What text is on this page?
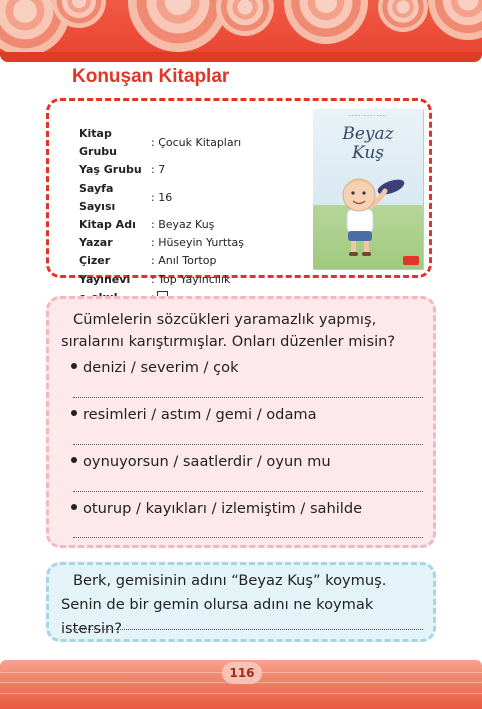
Konuşan Kitaplar
Kitap Grubu	: Çocuk Kitapları
Yaş Grubu	: 7
Sayfa Sayısı	: 16
Kitap Adı	: Beyaz Kuş
Yazar	: Hüseyin Yurttaş
Çizer	: Anıl Tortop
Yayınevi	: Top Yayıncılık

········ ······· · ·······
Beyaz
Kuş

Cümlelerin sözcükleri yaramazlık yapmış, sıralarını karıştırmışlar. Onları düzenler misin?

denizi / severim / çok
resimleri / astım / gemi / odama
oynuyorsun / saatlerdir / oyun mu
oturup / kayıkları / izlemiştim / sahilde

Berk, gemisinin adını “Beyaz Kuş” koymuş. Senin de bir gemin olursa adını ne koymak istersin?

116
